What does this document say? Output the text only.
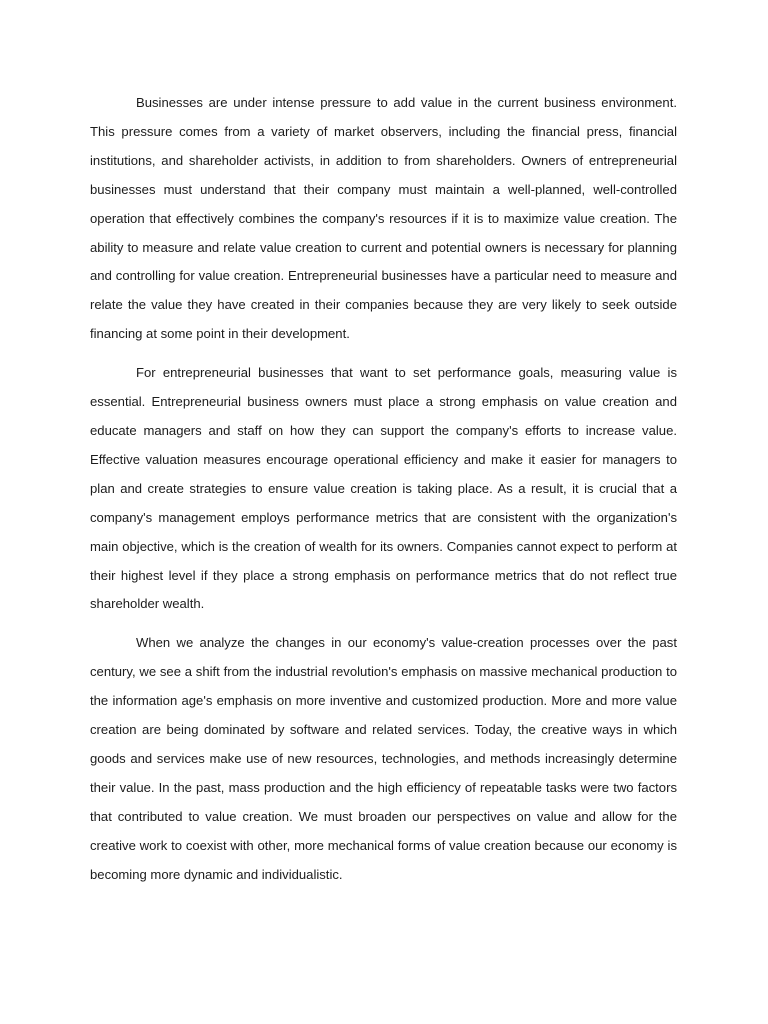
Businesses are under intense pressure to add value in the current business environment. This pressure comes from a variety of market observers, including the financial press, financial institutions, and shareholder activists, in addition to from shareholders. Owners of entrepreneurial businesses must understand that their company must maintain a well-planned, well-controlled operation that effectively combines the company's resources if it is to maximize value creation. The ability to measure and relate value creation to current and potential owners is necessary for planning and controlling for value creation. Entrepreneurial businesses have a particular need to measure and relate the value they have created in their companies because they are very likely to seek outside financing at some point in their development.

For entrepreneurial businesses that want to set performance goals, measuring value is essential. Entrepreneurial business owners must place a strong emphasis on value creation and educate managers and staff on how they can support the company's efforts to increase value. Effective valuation measures encourage operational efficiency and make it easier for managers to plan and create strategies to ensure value creation is taking place. As a result, it is crucial that a company's management employs performance metrics that are consistent with the organization's main objective, which is the creation of wealth for its owners. Companies cannot expect to perform at their highest level if they place a strong emphasis on performance metrics that do not reflect true shareholder wealth.

When we analyze the changes in our economy's value-creation processes over the past century, we see a shift from the industrial revolution's emphasis on massive mechanical production to the information age's emphasis on more inventive and customized production. More and more value creation are being dominated by software and related services. Today, the creative ways in which goods and services make use of new resources, technologies, and methods increasingly determine their value. In the past, mass production and the high efficiency of repeatable tasks were two factors that contributed to value creation. We must broaden our perspectives on value and allow for the creative work to coexist with other, more mechanical forms of value creation because our economy is becoming more dynamic and individualistic.
